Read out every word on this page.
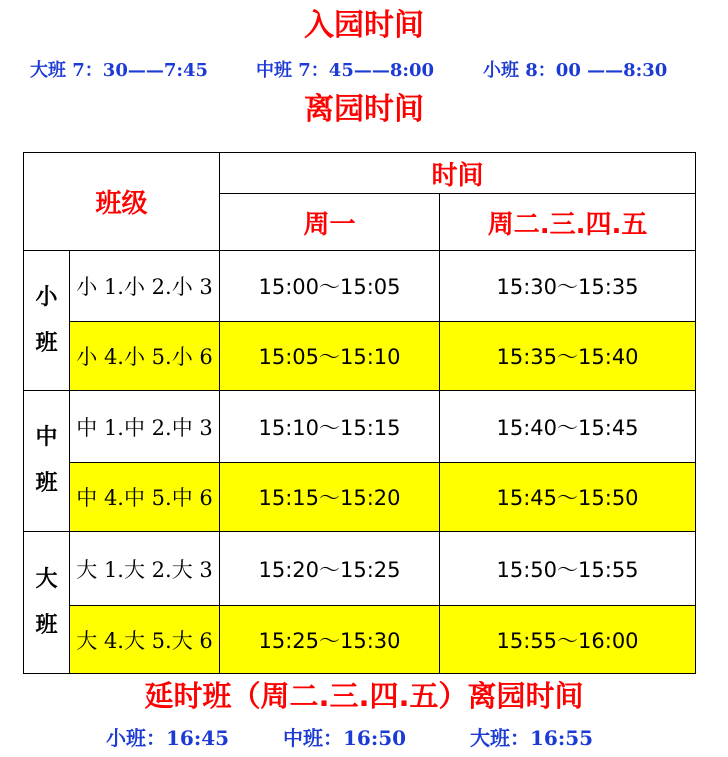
入园时间
大班 7：30——7:45	中班 7：45——8:00	小班 8：00 ——8:30
离园时间
班级		时间	
		周一	周二.三.四.五

小
班	小 1.小 2.小 3	15:00～15:05	15:30～15:35
	小 4.小 5.小 6	15:05～15:10	15:35～15:40

中
班	中 1.中 2.中 3	15:10～15:15	15:40～15:45
	中 4.中 5.中 6	15:15～15:20	15:45～15:50

大
班	大 1.大 2.大 3	15:20～15:25	15:50～15:55
	大 4.大 5.大 6	15:25～15:30	15:55～16:00
延时班（周二.三.四.五）离园时间
小班：16:45	中班：16:50	大班：16:55
